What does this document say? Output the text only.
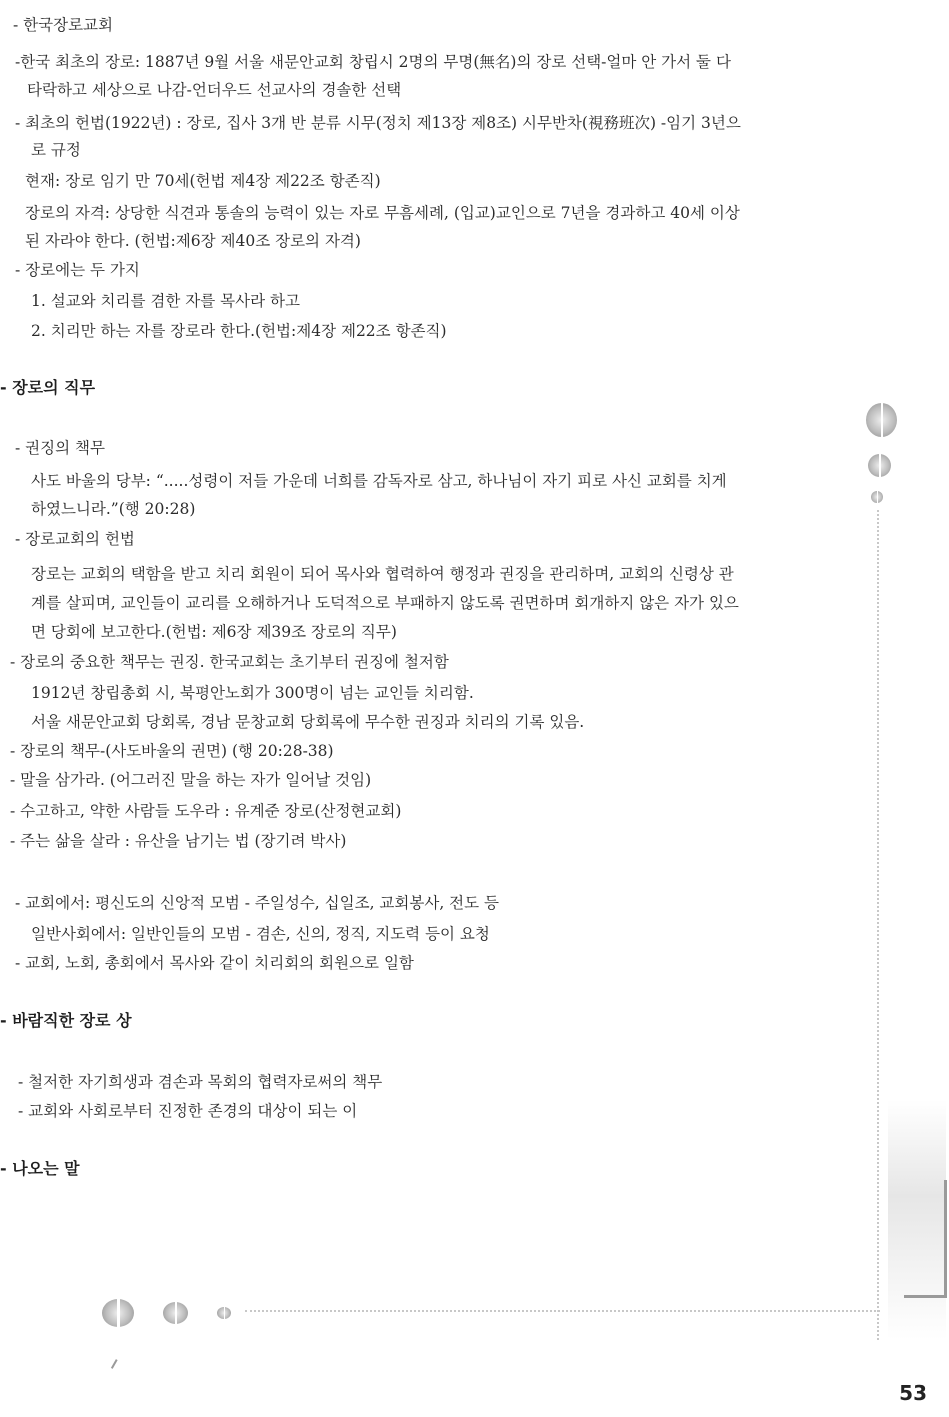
- 한국장로교회
-한국 최초의 장로: 1887년 9월 서울 새문안교회 창립시 2명의 무명(無名)의 장로 선택-얼마 안 가서 둘 다
타락하고 세상으로 나감-언더우드 선교사의 경솔한 선택
- 최초의 헌법(1922년) : 장로, 집사 3개 반 분류 시무(정치 제13장 제8조) 시무반차(視務班次) -임기 3년으
로 규정
현재: 장로 임기 만 70세(헌법 제4장 제22조 항존직)
장로의 자격: 상당한 식견과 통솔의 능력이 있는 자로 무흠세례, (입교)교인으로 7년을 경과하고 40세 이상
된 자라야 한다. (헌법:제6장 제40조 장로의 자격)
- 장로에는 두 가지
1. 설교와 치리를 겸한 자를 목사라 하고
2. 치리만 하는 자를 장로라 한다.(헌법:제4장 제22조 항존직)
- 장로의 직무
- 권징의 책무
사도 바울의 당부: “.....성령이 저들 가운데 너희를 감독자로 삼고, 하나님이 자기 피로 사신 교회를 치게
하였느니라.”(행 20:28)
- 장로교회의 헌법
장로는 교회의 택함을 받고 치리 회원이 되어 목사와 협력하여 행정과 권징을 관리하며, 교회의 신령상 관
계를 살피며, 교인들이 교리를 오해하거나 도덕적으로 부패하지 않도록 권면하며 회개하지 않은 자가 있으
면 당회에 보고한다.(헌법: 제6장 제39조 장로의 직무)
- 장로의 중요한 책무는 권징. 한국교회는 초기부터 권징에 철저함
1912년 창립총회 시, 북평안노회가 300명이 넘는 교인들 치리함.
서울 새문안교회 당회록, 경남 문창교회 당회록에 무수한 권징과 치리의 기록 있음.
- 장로의 책무-(사도바울의 권면) (행 20:28-38)
- 말을 삼가라. (어그러진 말을 하는 자가 일어날 것임)
- 수고하고, 약한 사람들 도우라 : 유계준 장로(산정현교회)
- 주는 삶을 살라 : 유산을 남기는 법 (장기려 박사)
- 교회에서: 평신도의 신앙적 모범 - 주일성수, 십일조, 교회봉사, 전도 등
일반사회에서: 일반인들의 모범 - 겸손, 신의, 정직, 지도력 등이 요청
- 교회, 노회, 총회에서 목사와 같이 치리회의 회원으로 일함
- 바람직한 장로 상
- 철저한 자기희생과 겸손과 목회의 협력자로써의 책무
- 교회와 사회로부터 진정한 존경의 대상이 되는 이
- 나오는 말
53
